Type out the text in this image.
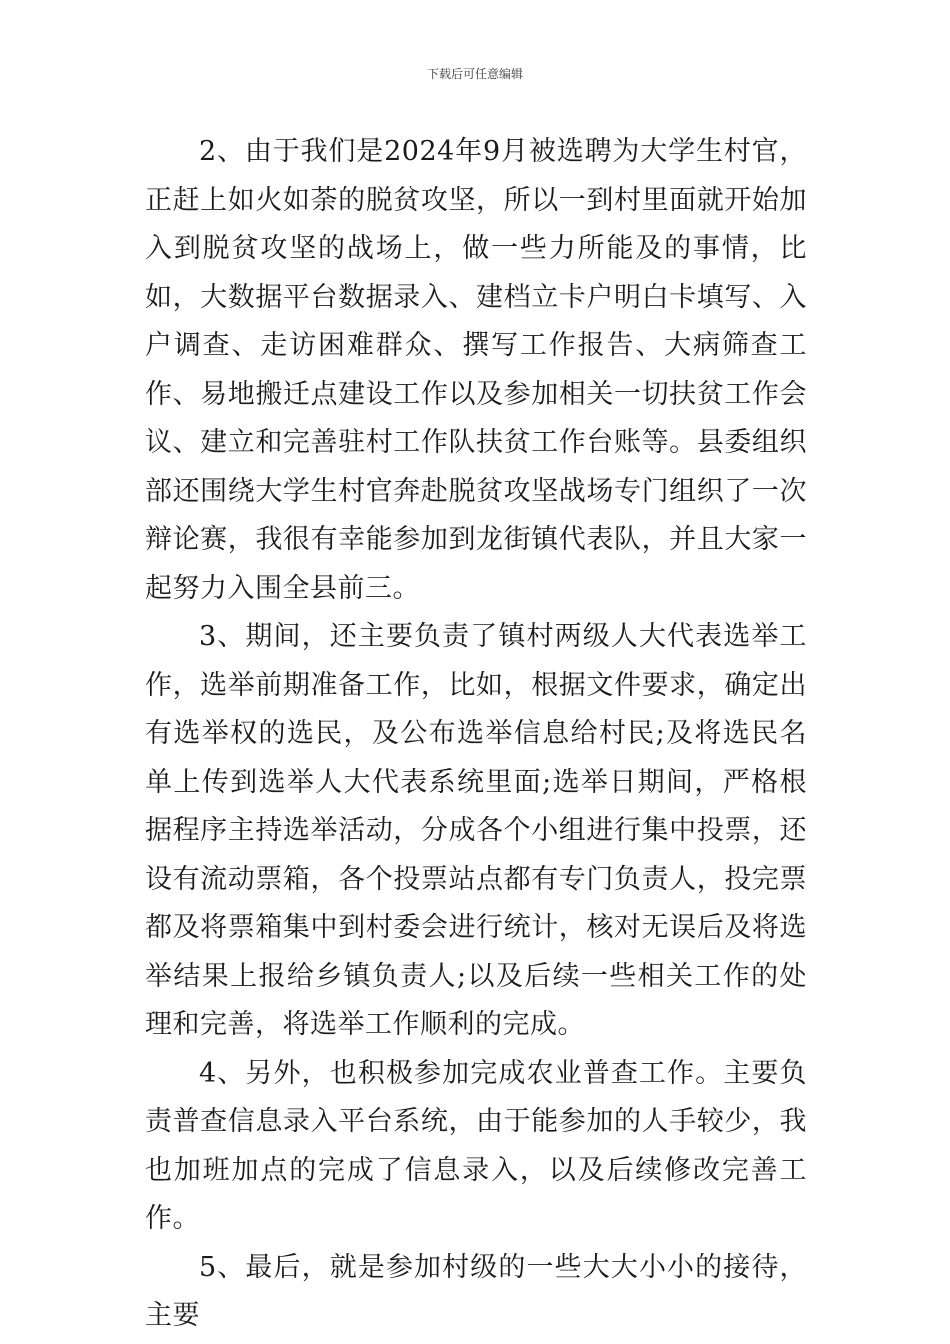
下载后可任意编辑

2、由于我们是2024年9月被选聘为大学生村官，正赶上如火如荼的脱贫攻坚，所以一到村里面就开始加入到脱贫攻坚的战场上，做一些力所能及的事情，比如，大数据平台数据录入、建档立卡户明白卡填写、入户调查、走访困难群众、撰写工作报告、大病筛查工作、易地搬迁点建设工作以及参加相关一切扶贫工作会议、建立和完善驻村工作队扶贫工作台账等。县委组织部还围绕大学生村官奔赴脱贫攻坚战场专门组织了一次辩论赛，我很有幸能参加到龙街镇代表队，并且大家一起努力入围全县前三。

3、期间，还主要负责了镇村两级人大代表选举工作，选举前期准备工作，比如，根据文件要求，确定出有选举权的选民，及公布选举信息给村民;及将选民名单上传到选举人大代表系统里面;选举日期间，严格根据程序主持选举活动，分成各个小组进行集中投票，还设有流动票箱，各个投票站点都有专门负责人，投完票都及将票箱集中到村委会进行统计，核对无误后及将选举结果上报给乡镇负责人;以及后续一些相关工作的处理和完善，将选举工作顺利的完成。

4、另外，也积极参加完成农业普查工作。主要负责普查信息录入平台系统，由于能参加的人手较少，我也加班加点的完成了信息录入，以及后续修改完善工作。

5、最后，就是参加村级的一些大大小小的接待，主要
